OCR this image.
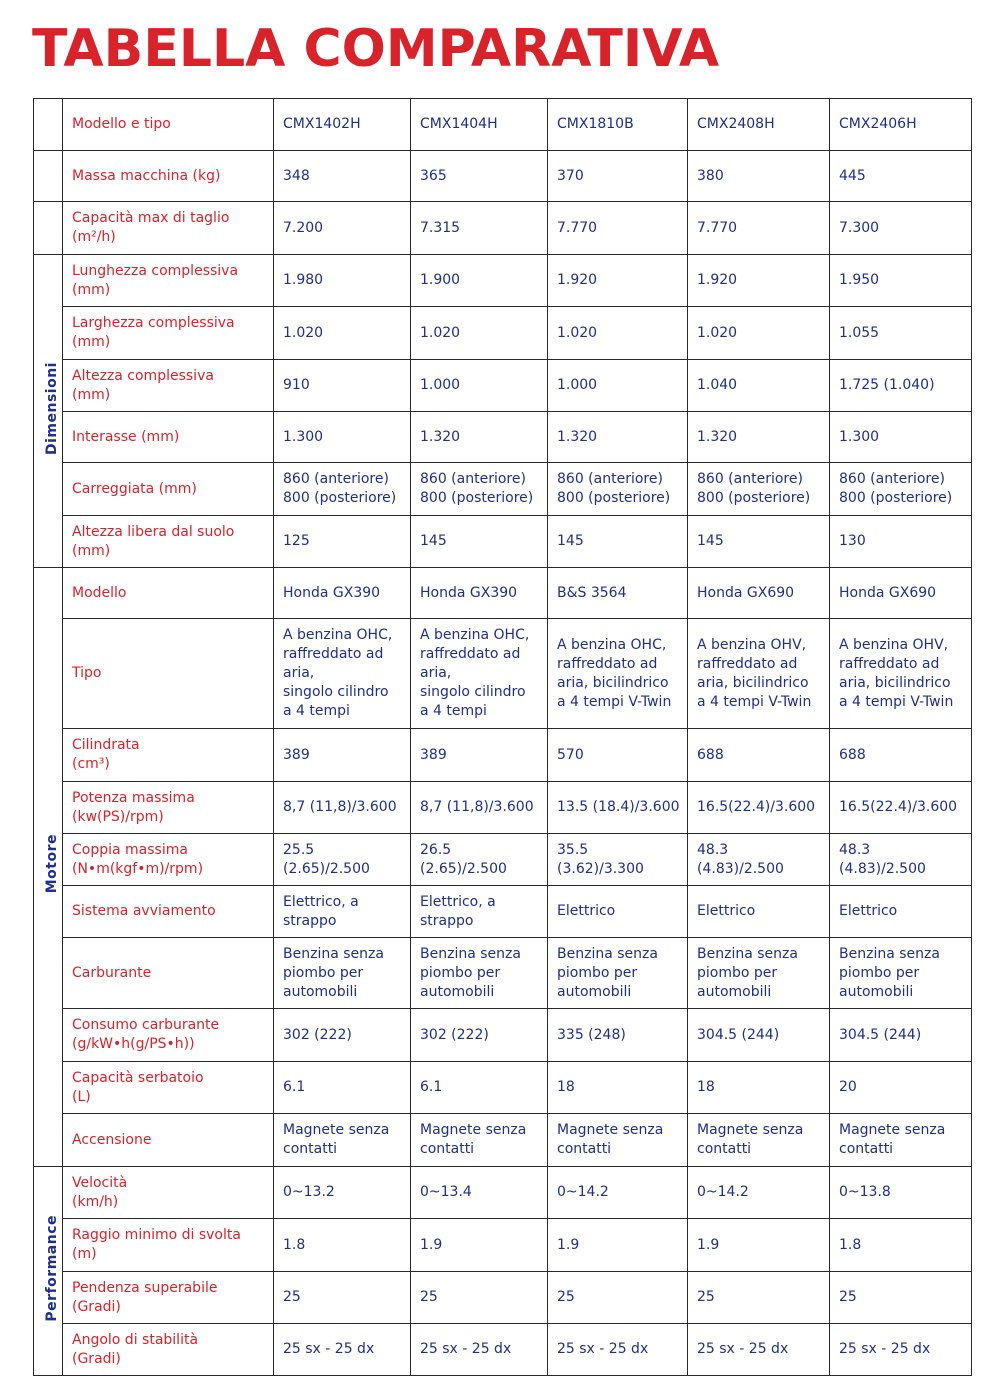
TABELLA COMPARATIVA
	Modello e tipo	CMX1402H	CMX1404H	CMX1810B	CMX2408H	CMX2406H
	Massa macchina (kg)	348	365	370	380	445
	Capacità max di taglio
(m²/h)	7.200	7.315	7.770	7.770	7.300
Dimensioni	Lunghezza complessiva
(mm)	1.980	1.900	1.920	1.920	1.950
	Larghezza complessiva
(mm)	1.020	1.020	1.020	1.020	1.055
	Altezza complessiva
(mm)	910	1.000	1.000	1.040	1.725 (1.040)
	Interasse (mm)	1.300	1.320	1.320	1.320	1.300
	Carreggiata (mm)	860 (anteriore)
800 (posteriore)	860 (anteriore)
800 (posteriore)	860 (anteriore)
800 (posteriore)	860 (anteriore)
800 (posteriore)	860 (anteriore)
800 (posteriore)
	Altezza libera dal suolo
(mm)	125	145	145	145	130
Motore	Modello	Honda GX390	Honda GX390	B&S 3564	Honda GX690	Honda GX690
	Tipo	A benzina OHC,
raffreddato ad
aria,
singolo cilindro
a 4 tempi	A benzina OHC,
raffreddato ad
aria,
singolo cilindro
a 4 tempi	A benzina OHC,
raffreddato ad
aria, bicilindrico
a 4 tempi V-Twin	A benzina OHV,
raffreddato ad
aria, bicilindrico
a 4 tempi V-Twin	A benzina OHV,
raffreddato ad
aria, bicilindrico
a 4 tempi V-Twin
	Cilindrata
(cm³)	389	389	570	688	688
	Potenza massima
(kw(PS)/rpm)	8,7 (11,8)/3.600	8,7 (11,8)/3.600	13.5 (18.4)/3.600	16.5(22.4)/3.600	16.5(22.4)/3.600
	Coppia massima
(N•m(kgf•m)/rpm)	25.5
(2.65)/2.500	26.5
(2.65)/2.500	35.5
(3.62)/3.300	48.3
(4.83)/2.500	48.3
(4.83)/2.500
	Sistema avviamento	Elettrico, a
strappo	Elettrico, a
strappo	Elettrico	Elettrico	Elettrico
	Carburante	Benzina senza
piombo per
automobili	Benzina senza
piombo per
automobili	Benzina senza
piombo per
automobili	Benzina senza
piombo per
automobili	Benzina senza
piombo per
automobili
	Consumo carburante
(g/kW•h(g/PS•h))	302 (222)	302 (222)	335 (248)	304.5 (244)	304.5 (244)
	Capacità serbatoio
(L)	6.1	6.1	18	18	20
	Accensione	Magnete senza
contatti	Magnete senza
contatti	Magnete senza
contatti	Magnete senza
contatti	Magnete senza
contatti
Performance	Velocità
(km/h)	0~13.2	0~13.4	0~14.2	0~14.2	0~13.8
	Raggio minimo di svolta
(m)	1.8	1.9	1.9	1.9	1.8
	Pendenza superabile
(Gradi)	25	25	25	25	25
	Angolo di stabilità
(Gradi)	25 sx - 25 dx	25 sx - 25 dx	25 sx - 25 dx	25 sx - 25 dx	25 sx - 25 dx
